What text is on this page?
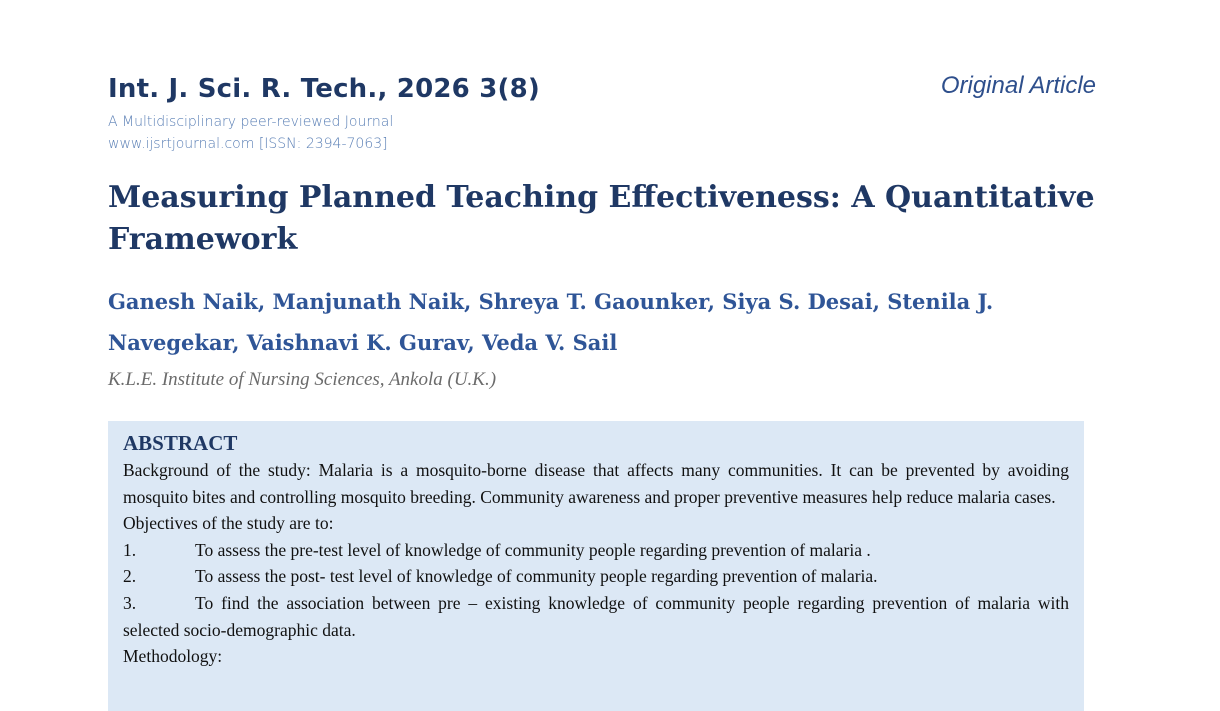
Int. J. Sci. R. Tech., 2026 3(8)
A Multidisciplinary peer-reviewed Journal
www.ijsrtjournal.com [ISSN: 2394-7063]
Original Article
Measuring Planned Teaching Effectiveness: A Quantitative Framework
Ganesh Naik, Manjunath Naik, Shreya T. Gaounker, Siya S. Desai, Stenila J. Navegekar, Vaishnavi K. Gurav, Veda V. Sail
K.L.E. Institute of Nursing Sciences, Ankola (U.K.)
ABSTRACT

Background of the study: Malaria is a mosquito-borne disease that affects many communities. It can be prevented by avoiding mosquito bites and controlling mosquito breeding. Community awareness and proper preventive measures help reduce malaria cases.

Objectives of the study are to:

1.	To assess the pre-test level of knowledge of community people regarding prevention of malaria .
2.	To assess the post- test level of knowledge of community people regarding prevention of malaria.
3.	To find the association between pre – existing knowledge of community people regarding prevention of malaria with selected socio-demographic data.

Methodology:
